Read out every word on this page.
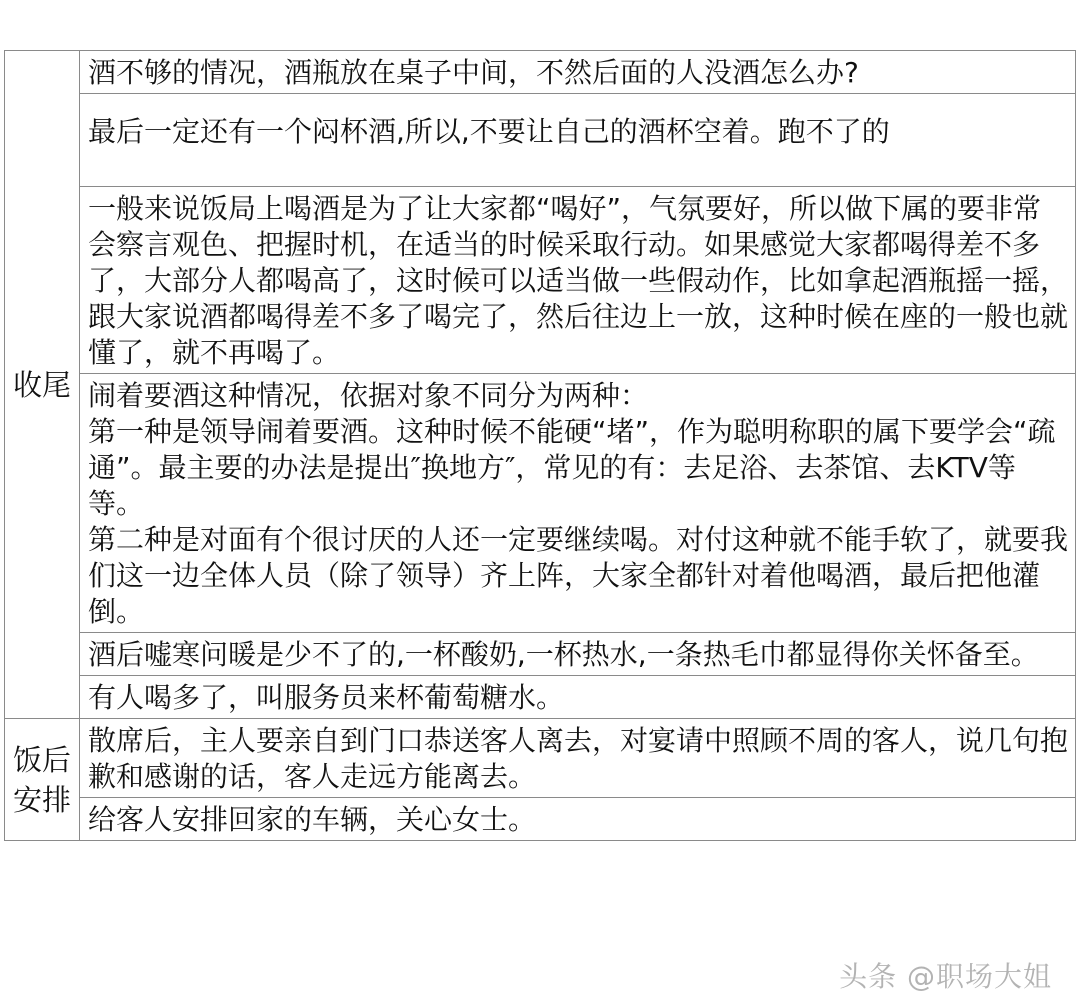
收尾	酒不够的情况，酒瓶放在桌子中间，不然后面的人没酒怎么办?
	最后一定还有一个闷杯酒,所以,不要让自己的酒杯空着。跑不了的
	一般来说饭局上喝酒是为了让大家都“喝好”，气氛要好，所以做下属的要非常会察言观色、把握时机，在适当的时候采取行动。如果感觉大家都喝得差不多了，大部分人都喝高了，这时候可以适当做一些假动作，比如拿起酒瓶摇一摇，跟大家说酒都喝得差不多了喝完了，然后往边上一放，这种时候在座的一般也就懂了，就不再喝了。
	闹着要酒这种情况，依据对象不同分为两种：
第一种是领导闹着要酒。这种时候不能硬“堵”，作为聪明称职的属下要学会“疏通”。最主要的办法是提出″换地方″，常见的有：去足浴、去茶馆、去KTV等等。
第二种是对面有个很讨厌的人还一定要继续喝。对付这种就不能手软了，就要我们这一边全体人员（除了领导）齐上阵，大家全都针对着他喝酒，最后把他灌倒。
	酒后嘘寒问暖是少不了的,一杯酸奶,一杯热水,一条热毛巾都显得你关怀备至。
	有人喝多了，叫服务员来杯葡萄糖水。
饭后安排	散席后，主人要亲自到门口恭送客人离去，对宴请中照顾不周的客人，说几句抱歉和感谢的话，客人走远方能离去。
	给客人安排回家的车辆，关心女士。
头条 @职场大姐
